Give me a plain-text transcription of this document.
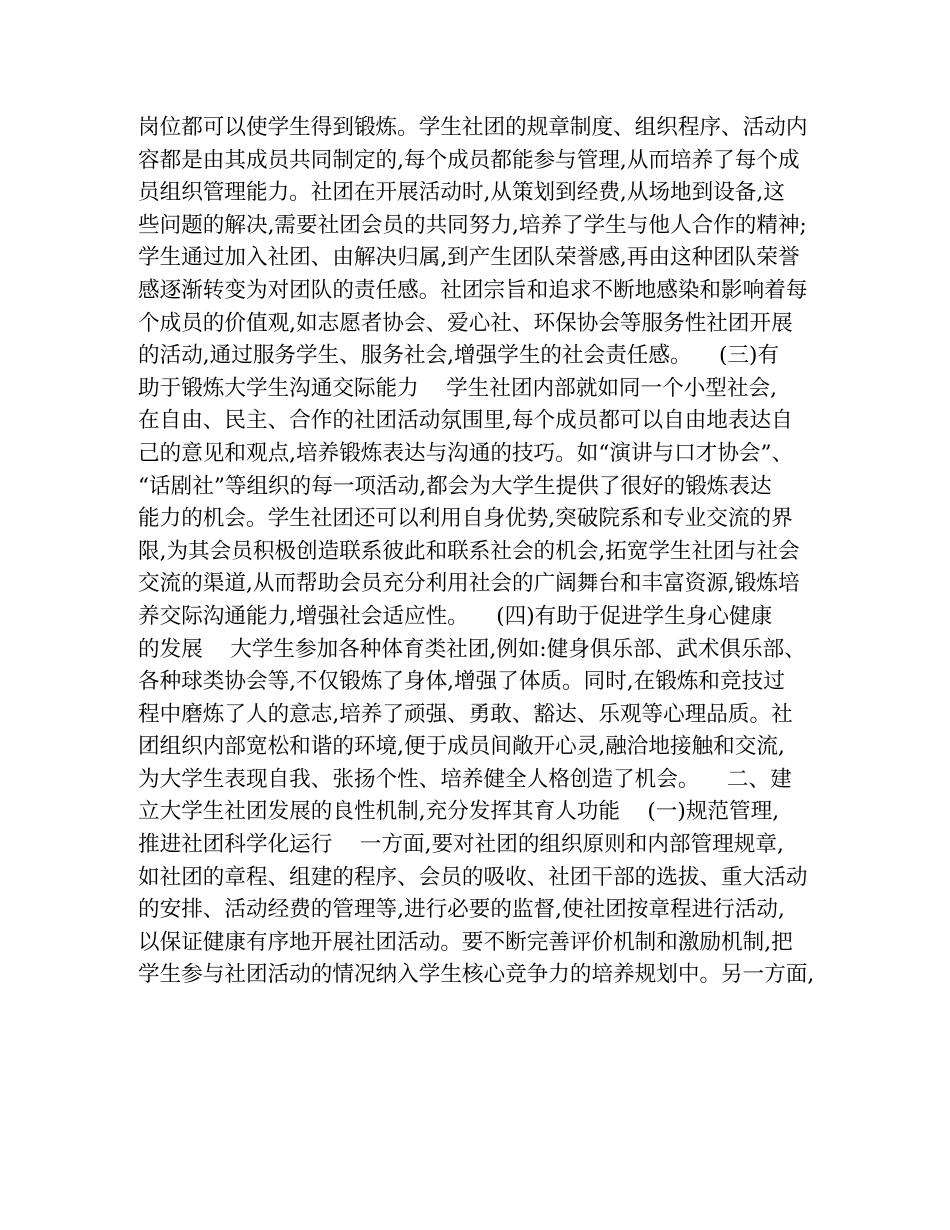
岗位都可以使学生得到锻炼。学生社团的规章制度、组织程序、活动内
容都是由其成员共同制定的,每个成员都能参与管理,从而培养了每个成
员组织管理能力。社团在开展活动时,从策划到经费,从场地到设备,这
些问题的解决,需要社团会员的共同努力,培养了学生与他人合作的精神;
学生通过加入社团、由解决归属,到产生团队荣誉感,再由这种团队荣誉
感逐渐转变为对团队的责任感。社团宗旨和追求不断地感染和影响着每
个成员的价值观,如志愿者协会、爱心社、环保协会等服务性社团开展
的活动,通过服务学生、服务社会,增强学生的社会责任感。    (三)有
助于锻炼大学生沟通交际能力    学生社团内部就如同一个小型社会,
在自由、民主、合作的社团活动氛围里,每个成员都可以自由地表达自
己的意见和观点,培养锻炼表达与沟通的技巧。如“演讲与口才协会”、
“话剧社”等组织的每一项活动,都会为大学生提供了很好的锻炼表达
能力的机会。学生社团还可以利用自身优势,突破院系和专业交流的界
限,为其会员积极创造联系彼此和联系社会的机会,拓宽学生社团与社会
交流的渠道,从而帮助会员充分利用社会的广阔舞台和丰富资源,锻炼培
养交际沟通能力,增强社会适应性。    (四)有助于促进学生身心健康
的发展    大学生参加各种体育类社团,例如:健身俱乐部、武术俱乐部、
各种球类协会等,不仅锻炼了身体,增强了体质。同时,在锻炼和竞技过
程中磨炼了人的意志,培养了顽强、勇敢、豁达、乐观等心理品质。社
团组织内部宽松和谐的环境,便于成员间敞开心灵,融洽地接触和交流,
为大学生表现自我、张扬个性、培养健全人格创造了机会。    二、建
立大学生社团发展的良性机制,充分发挥其育人功能    (一)规范管理,
推进社团科学化运行    一方面,要对社团的组织原则和内部管理规章,
如社团的章程、组建的程序、会员的吸收、社团干部的选拔、重大活动
的安排、活动经费的管理等,进行必要的监督,使社团按章程进行活动,
以保证健康有序地开展社团活动。要不断完善评价机制和激励机制,把
学生参与社团活动的情况纳入学生核心竞争力的培养规划中。另一方面,
